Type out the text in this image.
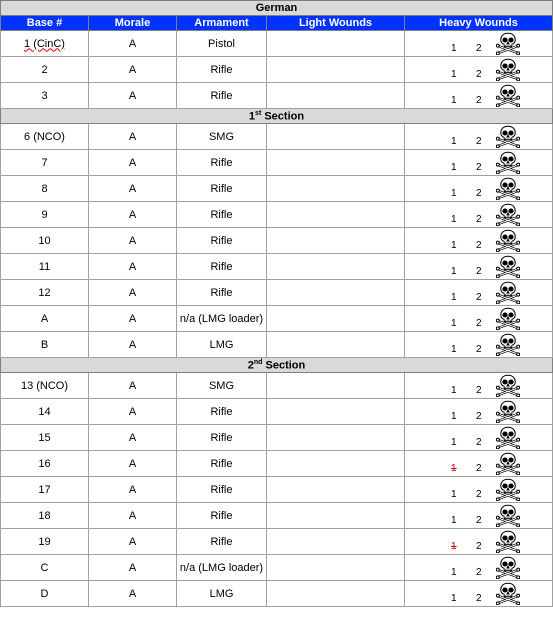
German				
Base #	Morale	Armament	Light Wounds	Heavy Wounds
1 (CinC)	A	Pistol		1 2

2	A	Rifle		1 2

3	A	Rifle		1 2

1st Section				
6 (NCO)	A	SMG		1 2

7	A	Rifle		1 2

8	A	Rifle		1 2

9	A	Rifle		1 2

10	A	Rifle		1 2

11	A	Rifle		1 2

12	A	Rifle		1 2

A	A	n/a (LMG loader)		1 2

B	A	LMG		1 2

2nd Section				
13 (NCO)	A	SMG		1 2

14	A	Rifle		1 2

15	A	Rifle		1 2

16	A	Rifle		1 2

17	A	Rifle		1 2

18	A	Rifle		1 2

19	A	Rifle		1 2

C	A	n/a (LMG loader)		1 2

D	A	LMG		1 2
